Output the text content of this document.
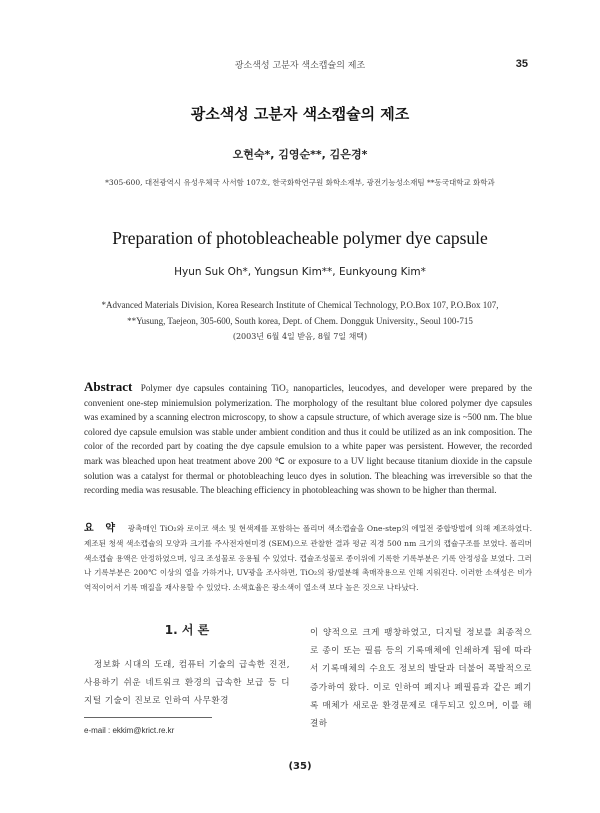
광소색성 고분자 색소캡슐의 제조	35
광소색성 고분자 색소캡슐의 제조
오현숙*, 김영순**, 김은경*
*305-600, 대전광역시 유성우체국 사서함 107호, 한국화학연구원 화학소재부, 광전기능성소재팀 **동국대학교 화학과
Preparation of photobleacheable polymer dye capsule
Hyun Suk Oh*, Yungsun Kim**, Eunkyoung Kim*
*Advanced Materials Division, Korea Research Institute of Chemical Technology, P.O.Box 107, P.O.Box 107,
**Yusung, Taejeon, 305-600, South korea, Dept. of Chem. Dongguk University., Seoul 100-715
(2003년 6월 4일 받음, 8월 7일 채택)
Abstract Polymer dye capsules containing TiO₂ nanoparticles, leucodyes, and developer were prepared by the convenient one-step miniemulsion polymerization. The morphology of the resultant blue colored polymer dye capsules was examined by a scanning electron microscopy, to show a capsule structure, of which average size is ~500 nm. The blue colored dye capsule emulsion was stable under ambient condition and thus it could be utilized as an ink composition. The color of the recorded part by coating the dye capsule emulsion to a white paper was persistent. However, the recorded mark was bleached upon heat treatment above 200 ℃ or exposure to a UV light because titanium dioxide in the capsule solution was a catalyst for thermal or photobleaching leuco dyes in solution. The bleaching was irreversible so that the recording media was resusable. The bleaching efficiency in photobleaching was shown to be higher than thermal.
요 약 광촉매인 TiO₂와 로이코 색소 및 현색제를 포함하는 폴리머 색소캡슐을 One-step의 에멀전 중합방법에 의해 제조하였다. 제조된 청색 색소캡슐의 모양과 크기를 주사전자현미경 (SEM)으로 관찰한 결과 평균 직경 500 nm 크기의 캡슐구조를 보였다. 폴리머 색소캡슐 용액은 안정하였으며, 잉크 조성물로 응용될 수 있었다. 캡슐조성물로 종이위에 기록한 기록부분은 기록 안정성을 보였다. 그러나 기록부분은 200℃ 이상의 열을 가하거나, UV광을 조사하면, TiO₂의 광/열분해 촉매작용으로 인해 지워진다. 이러한 소색성은 비가역적이어서 기록 매질을 재사용할 수 있었다. 소색효율은 광소색이 열소색 보다 높은 것으로 나타났다.
1. 서 론
정보화 시대의 도래, 컴퓨터 기술의 급속한 진전, 사용하기 쉬운 네트워크 환경의 급속한 보급 등 디지털 기술이 진보로 인하여 사무환경
이 양적으로 크게 팽창하였고, 디지털 정보를 최종적으로 종이 또는 필름 등의 기록매체에 인쇄하게 됨에 따라서 기록매체의 수요도 정보의 발달과 더불어 폭발적으로 증가하여 왔다. 이로 인하여 폐지나 폐필름과 같은 폐기록 매체가 새로운 환경문제로 대두되고 있으며, 이를 해결하
e-mail : ekkim@krict.re.kr
(35)
